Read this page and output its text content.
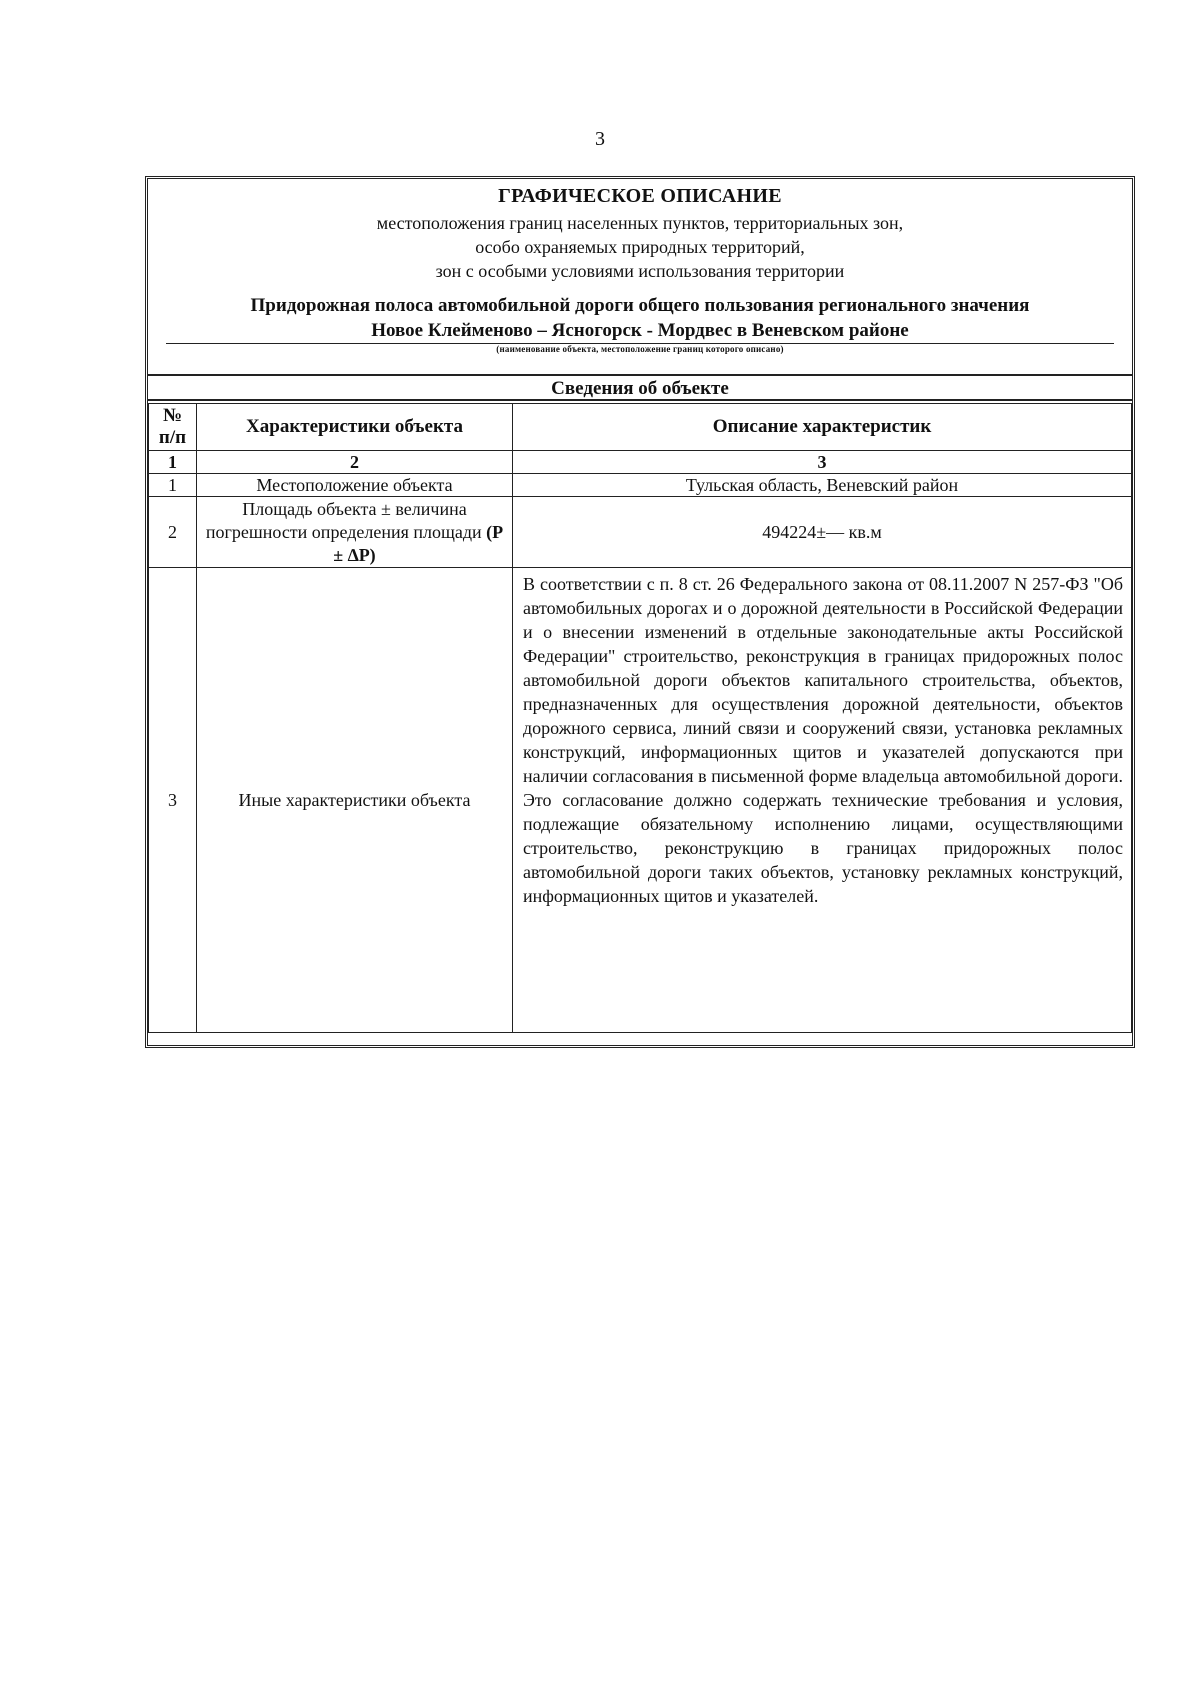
3
ГРАФИЧЕСКОЕ ОПИСАНИЕ
местоположения границ населенных пунктов, территориальных зон,
особо охраняемых природных территорий,
зон с особыми условиями использования территории
Придорожная полоса автомобильной дороги общего пользования регионального значения
Новое Клейменово – Ясногорск - Мордвес в Веневском районе
(наименование объекта, местоположение границ которого описано)
Сведения об объекте
№
п/п	Характеристики объекта	Описание характеристик
1	2	3
1	Местоположение объекта	Тульская область, Веневский район
2	Площадь объекта ± величина погрешности определения площади (Р ± ∆Р)	494224±— кв.м
3	Иные характеристики объекта	В соответствии с п. 8 ст. 26 Федерального закона от 08.11.2007 N 257-ФЗ "Об автомобильных дорогах и о дорожной деятельности в Российской Федерации и о внесении изменений в отдельные законодательные акты Российской Федерации" строительство, реконструкция в границах придорожных полос автомобильной дороги объектов капитального строительства, объектов, предназначенных для осуществления дорожной деятельности, объектов дорожного сервиса, линий связи и сооружений связи, установка рекламных конструкций, информационных щитов и указателей допускаются при наличии согласования в письменной форме владельца автомобильной дороги. Это согласование должно содержать технические требования и условия, подлежащие обязательному исполнению лицами, осуществляющими строительство, реконструкцию в границах придорожных полос автомобильной дороги таких объектов, установку рекламных конструкций, информационных щитов и указателей.
